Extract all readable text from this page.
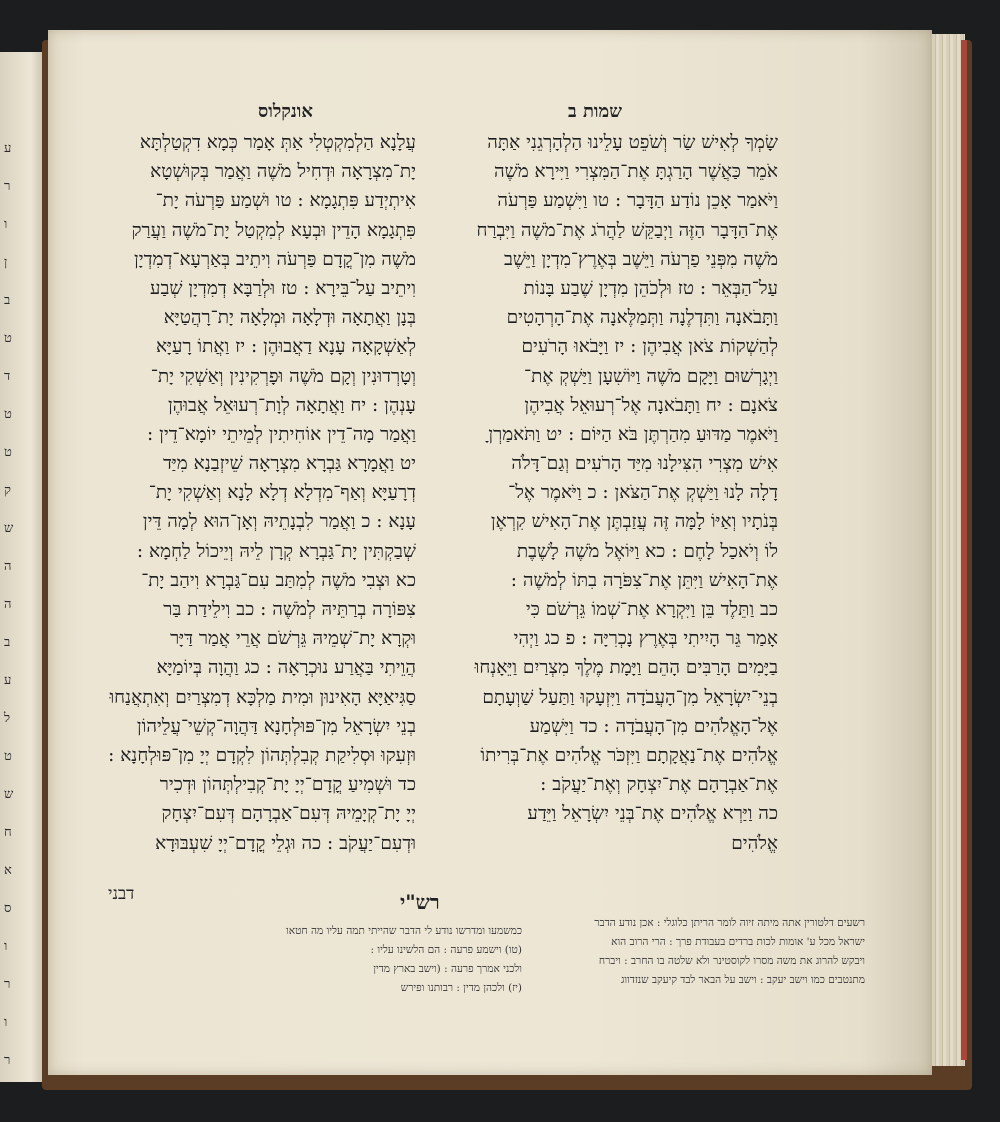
ע
ר
ו
ן
ב
ט
ד
ט
ט
ק
ש
ה
ה
ב
ע
ל
ט
ש
ח
א
ס
ו
ר
ו
ר
אונקלוס	שמות ב
עֲלָנָא הַלְמִקְטְלִי אַתְּ אָמַר כְּמָא דִקְטַלְתָּא
יָת־מִצְרָאָה וּדְחִיל מֹשֶׁה וַאֲמַר בְּקוּשְׁטָא
אִיתְיְדַע פִּתְגָמָא : טו וּשְׁמַע פַּרְעֹה יָת־
פִּתְגָמָא הָדֵין וּבְעָא לְמִקְטַל יָת־מֹשֶׁה וַעֲרַק
מֹשֶׁה מִן־קֳדָם פַּרְעֹה וִיתֵיב בְּאַרְעָא־דְמִדְיָן
וִיתֵיב עַל־בֵּירָא : טז וּלְרַבָּא דְמִדְיָן שְׁבַע
בְּנָן וַאֲתָאָה וּדְלָאָה וּמְלָאָה יָת־רָהֲטַיָּא
לְאַשְׁקָאָה עָנָא דַאֲבוּהֶן : יז וַאֲתוֹ רָעַיָּא
וְטָרְדוּנִין וְקָם מֹשֶׁה וּפָרְקִינִין וְאַשְׁקִי יָת־
עָנְהֶן : יח וַאֲתָאָה לְוָת־רְעוּאֵל אֲבוּהֶן
וַאֲמַר מָה־דֵין אוֹחִיתִין לְמֵיתֵי יוֹמָא־דֵין :
יט וַאֲמָרָא גַּבְרָא מִצְרָאָה שֵׁיזְבַנָא מִיַּד
דְרָעַיָּא וְאַף־מִדְלָא דְלָא לָנָא וְאַשְׁקִי יָת־
עָנָא : כ וַאֲמַר לִבְנָתֵיהּ וְאָן־הוּא לְמָה דֵּין
שְׁבַקְתִּין יָת־גַּבְרָא קְרָן לֵיהּ וְיֵיכוֹל לַחְמָא :
כא וּצְבִי מֹשֶׁה לְמִתַּב עִם־גַּבְרָא וִיהַב יָת־
צִפּוֹרָה בְרַתֵּיהּ לְמֹשֶׁה : כב וִילֵידַת בַּר
וּקְרָא יָת־שְׁמֵיהּ גֵּרְשֹׁם אֲרֵי אֲמַר דַּיָּר
הֲוֵיתִי בַּאֲרַע נוּכְרָאָה : כג וַהֲוָה בְּיוֹמַיָּא
סַגִּיאַיָּא הָאִינוּן וּמִית מַלְכָּא דְמִצְרַיִם וְאִתְאֲנַחוּ
בְנֵי יִשְׂרָאֵל מִן־פּוּלְחָנָא דַּהֲוָה־קְשֵׁי־עֲלֵיהוֹן
וּזְעִקוּ וּסְלִיקַת קְבִלְתְּהוֹן לִקְדָם יְיָ מִן־פּוּלְחָנָא :
כד וּשְׁמִיעַ קֳדָם־יְיָ יָת־קְבִילְתְּהוֹן וּדְכִיר
יְיָ יָת־קְיָמֵיהּ דְּעִם־אַבְרָהָם דְּעִם־יִצְחָק
וּדְעִם־יַעֲקֹב : כה וּגְלֵי קֳדָם־יְיָ שִׁעְבּוּדָא
שָׂמְךָ לְאִישׁ שַׂר וְשֹׁפֵט עָלֵינוּ הַלְהָרְגֵנִי אַתָּה
אֹמֵר כַּאֲשֶׁר הָרַגְתָּ אֶת־הַמִּצְרִי וַיִּירָא מֹשֶׁה
וַיֹּאמַר אָכֵן נוֹדַע הַדָּבָר : טו וַיִּשְׁמַע פַּרְעֹה
אֶת־הַדָּבָר הַזֶּה וַיְבַקֵּשׁ לַהֲרֹג אֶת־מֹשֶׁה וַיִּבְרַח
מֹשֶׁה מִפְּנֵי פַרְעֹה וַיֵּשֶׁב בְּאֶרֶץ־מִדְיָן וַיֵּשֶׁב
עַל־הַבְּאֵר : טז וּלְכֹהֵן מִדְיָן שֶׁבַע בָּנוֹת
וַתָּבֹאנָה וַתִּדְלֶנָה וַתְּמַלֶּאנָה אֶת־הָרְהָטִים
לְהַשְׁקוֹת צֹאן אֲבִיהֶן : יז וַיָּבֹאוּ הָרֹעִים
וַיְגָרְשׁוּם וַיָּקָם מֹשֶׁה וַיּוֹשִׁעָן וַיַּשְׁקְ אֶת־
צֹאנָם : יח וַתָּבֹאנָה אֶל־רְעוּאֵל אֲבִיהֶן
וַיֹּאמֶר מַדּוּעַ מִהַרְתֶּן בֹּא הַיּוֹם : יט וַתֹּאמַרְןָ
אִישׁ מִצְרִי הִצִּילָנוּ מִיַּד הָרֹעִים וְגַם־דָּלֹה
דָלָה לָנוּ וַיַּשְׁקְ אֶת־הַצֹּאן : כ וַיֹּאמֶר אֶל־
בְּנֹתָיו וְאַיּוֹ לָמָּה זֶּה עֲזַבְתֶּן אֶת־הָאִישׁ קִרְאֶן
לוֹ וְיֹאכַל לָחֶם : כא וַיּוֹאֶל מֹשֶׁה לָשֶׁבֶת
אֶת־הָאִישׁ וַיִּתֵּן אֶת־צִפֹּרָה בִתּוֹ לְמֹשֶׁה :
כב וַתֵּלֶד בֵּן וַיִּקְרָא אֶת־שְׁמוֹ גֵּרְשֹׁם כִּי
אָמַר גֵּר הָיִיתִי בְּאֶרֶץ נָכְרִיָּה : פ כג וַיְהִי
בַיָּמִים הָרַבִּים הָהֵם וַיָּמָת מֶלֶךְ מִצְרַיִם וַיֵּאָנְחוּ
בְנֵי־יִשְׂרָאֵל מִן־הָעֲבֹדָה וַיִּזְעָקוּ וַתַּעַל שַׁוְעָתָם
אֶל־הָאֱלֹהִים מִן־הָעֲבֹדָה : כד וַיִּשְׁמַע
אֱלֹהִים אֶת־נַאֲקָתָם וַיִּזְכֹּר אֱלֹהִים אֶת־בְּרִיתוֹ
אֶת־אַבְרָהָם אֶת־יִצְחָק וְאֶת־יַעֲקֹב :
כה וַיַּרְא אֱלֹהִים אֶת־בְּנֵי יִשְׂרָאֵל וַיֵּדַע
אֱלֹהִים
דבני	רש"י
רשעים דלטורין אתה מיתה זיוה לומר הריתן כלוגלי : אכן נודע הדבר
ישראל מכל ע' אומות לכות ברדים בעבודת פרך : הרי הרוב הוא
ויבקש להרוג את משה מסרו לקוסטינר ולא שלטה בו החרב : ויברח
מתנטבים כמו וישב יעקב : וישב על הבאר לבד קיעקב שנזדווג
כמשמעו ומדרשו נודע לי הדבר שהייתי תמה עליו מה חטאו
(טו) וישמע פרעה : הם הלשינו עליו :
ולכני אמרך פרעה : (וישב בארץ מדין
(יז) ולכהן מדין : רבותנו ופירש
